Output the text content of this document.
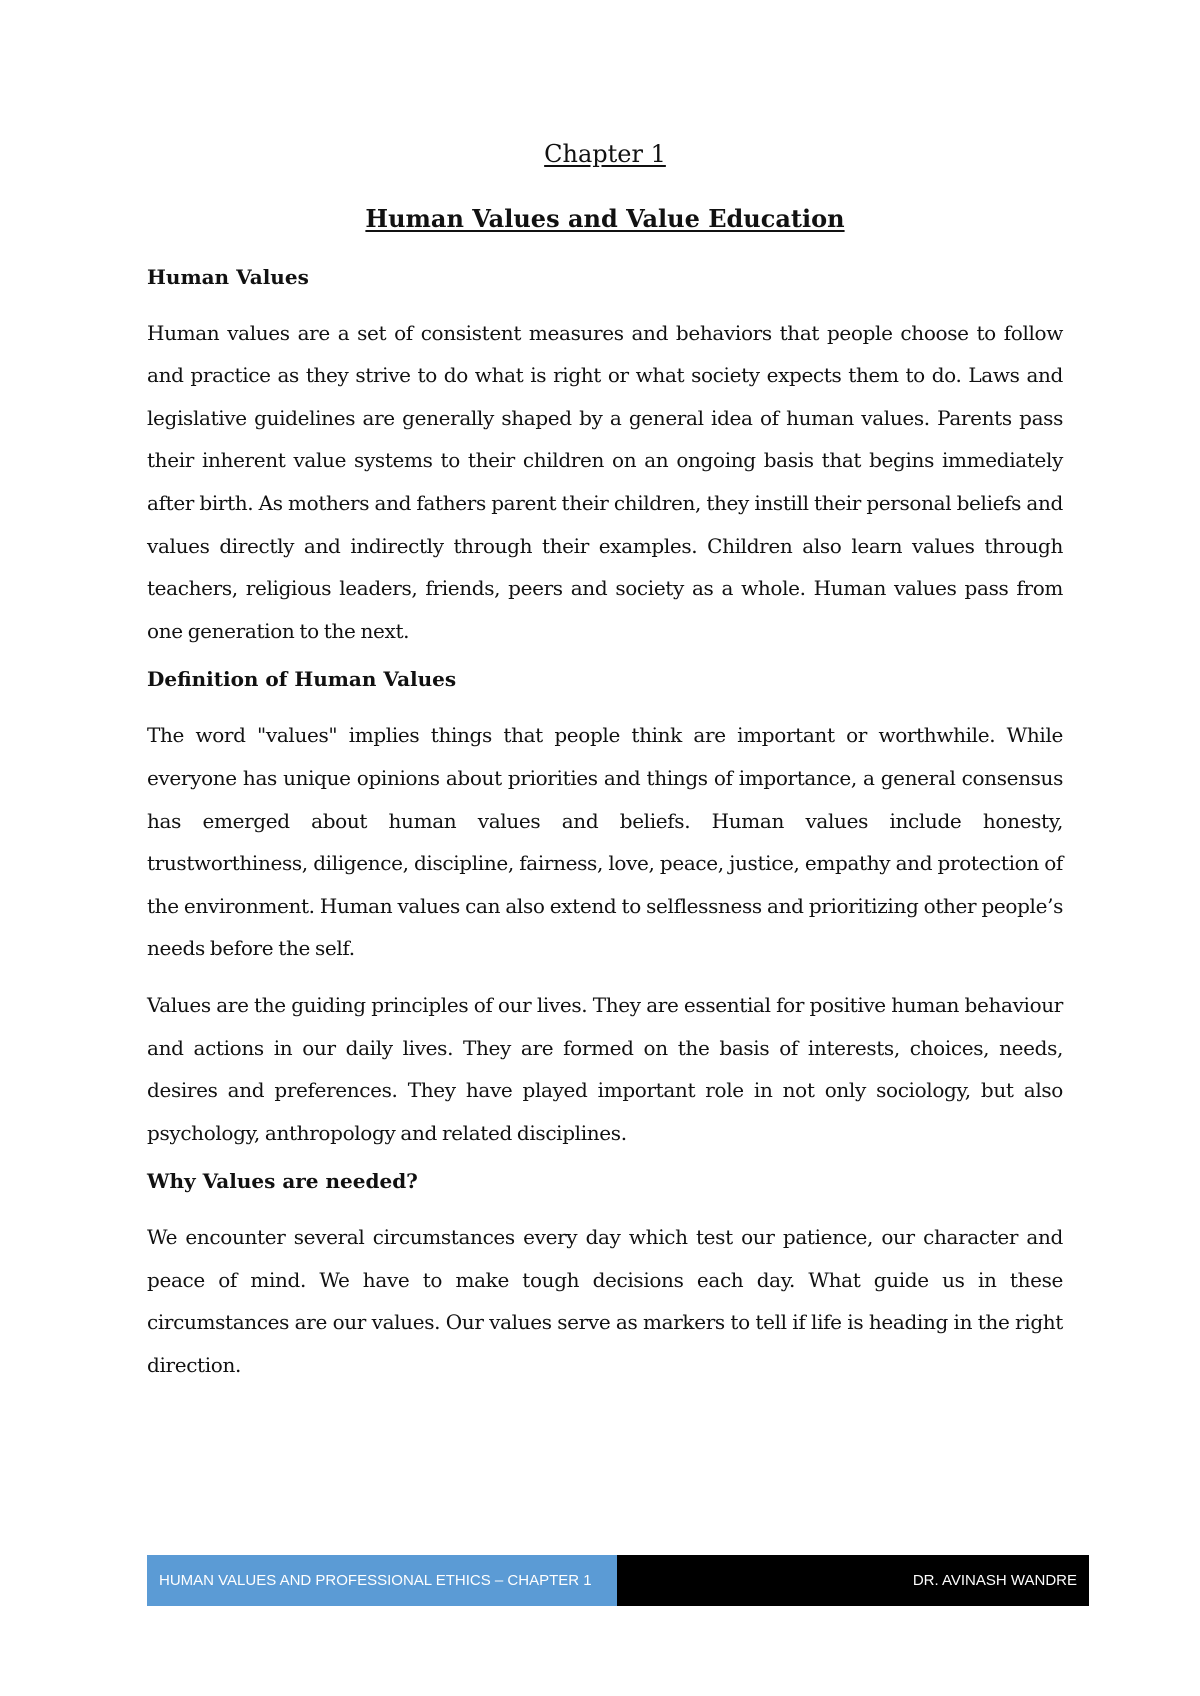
Chapter 1
Human Values and Value Education
Human Values

Human values are a set of consistent measures and behaviors that people choose to follow and practice as they strive to do what is right or what society expects them to do. Laws and legislative guidelines are generally shaped by a general idea of human values. Parents pass their inherent value systems to their children on an ongoing basis that begins immediately after birth. As mothers and fathers parent their children, they instill their personal beliefs and values directly and indirectly through their examples. Children also learn values through teachers, religious leaders, friends, peers and society as a whole. Human values pass from one generation to the next.

Definition of Human Values

The word "values" implies things that people think are important or worthwhile. While everyone has unique opinions about priorities and things of importance, a general consensus has emerged about human values and beliefs. Human values include honesty, trustworthiness, diligence, discipline, fairness, love, peace, justice, empathy and protection of the environment. Human values can also extend to selflessness and prioritizing other people’s needs before the self.

Values are the guiding principles of our lives. They are essential for positive human behaviour and actions in our daily lives. They are formed on the basis of interests, choices, needs, desires and preferences. They have played important role in not only sociology, but also psychology, anthropology and related disciplines.

Why Values are needed?

We encounter several circumstances every day which test our patience, our character and peace of mind. We have to make tough decisions each day. What guide us in these circumstances are our values. Our values serve as markers to tell if life is heading in the right direction.

HUMAN VALUES AND PROFESSIONAL ETHICS – CHAPTER 1	DR. AVINASH WANDRE
